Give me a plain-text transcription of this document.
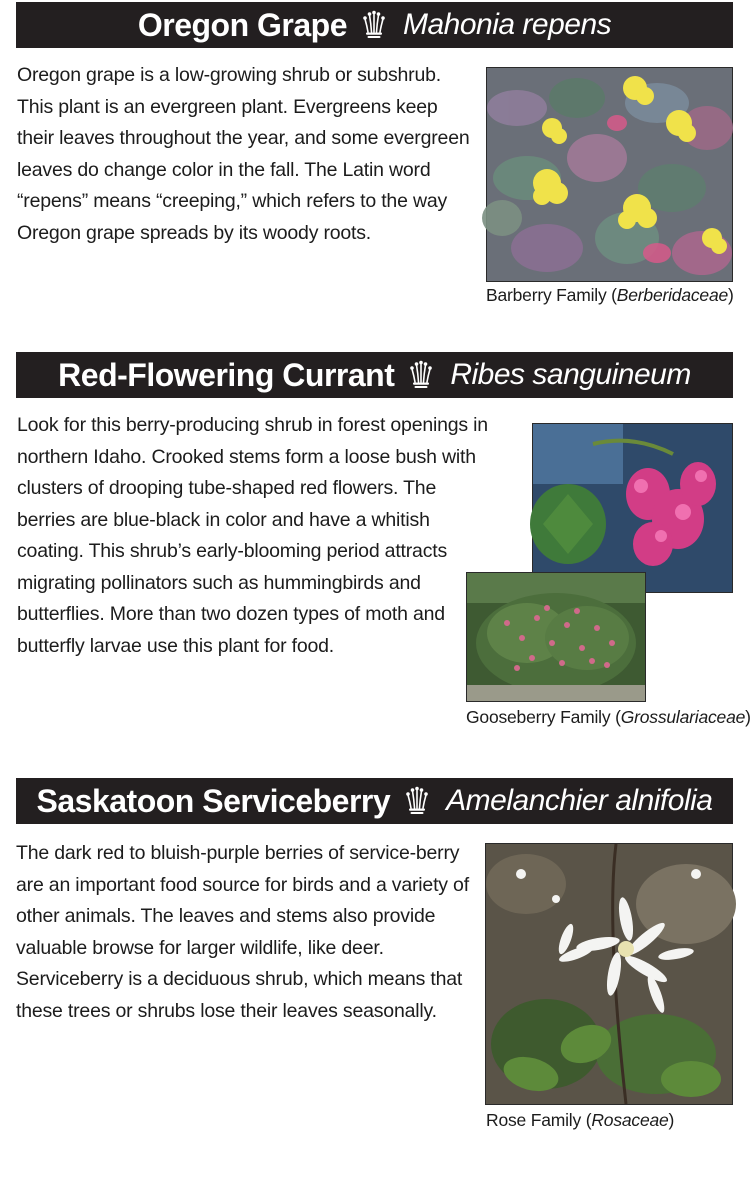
Oregon Grape Mahonia repens

Oregon grape is a low-growing shrub or subshrub. This plant is an evergreen plant. Evergreens keep their leaves throughout the year, and some evergreen leaves do change color in the fall. The Latin word “repens” means “creeping,” which refers to the way Oregon grape spreads by its woody roots.

Barberry Family (Berberidaceae)
Red-Flowering Currant Ribes sanguineum

Look for this berry-producing shrub in forest openings in northern Idaho. Crooked stems form a loose bush with clusters of drooping tube-shaped red flowers. The berries are blue-black in color and have a whitish coating. This shrub’s early-blooming period attracts migrating pollinators such as hummingbirds and butterflies. More than two dozen types of moth and butterfly larvae use this plant for food.

Gooseberry Family (Grossulariaceae)
Saskatoon Serviceberry Amelanchier alnifolia

The dark red to bluish-purple berries of service-berry are an important food source for birds and a variety of other animals. The leaves and stems also provide valuable browse for larger wildlife, like deer. Serviceberry is a deciduous shrub, which means that these trees or shrubs lose their leaves seasonally.

Rose Family (Rosaceae)
